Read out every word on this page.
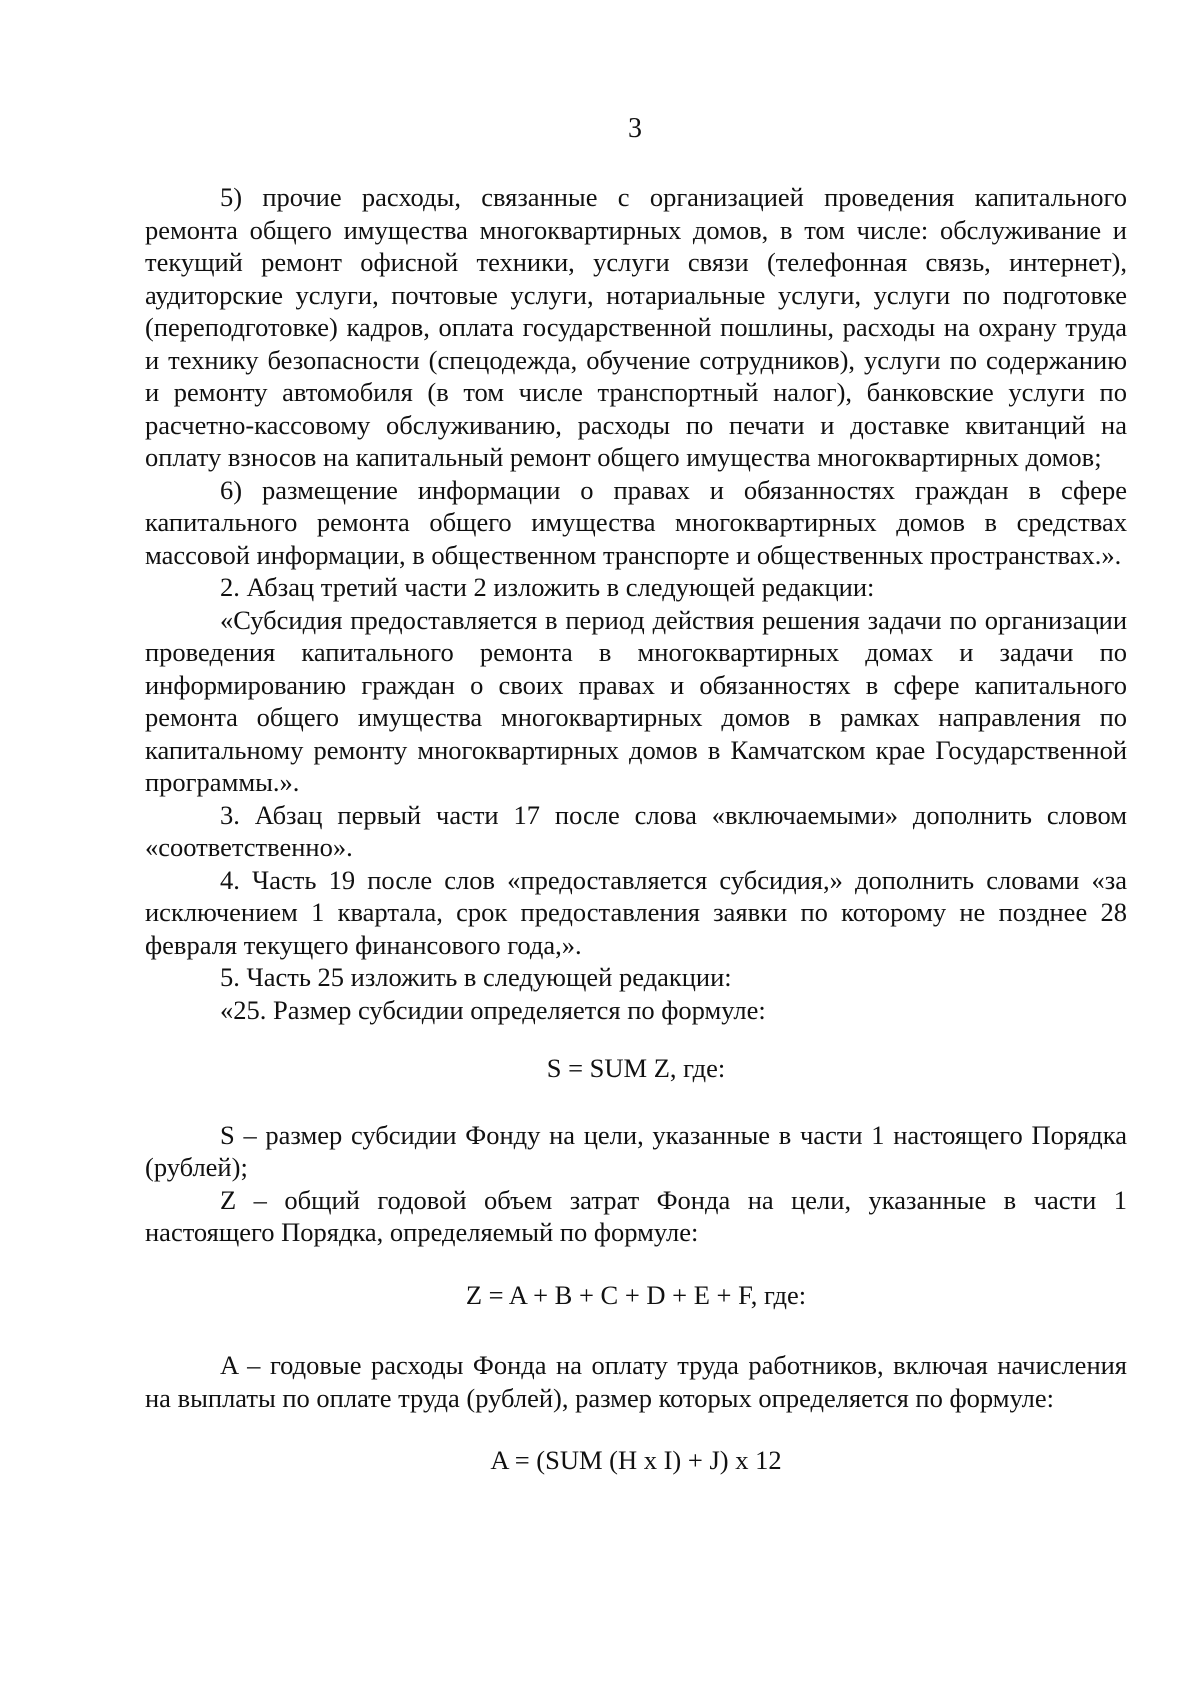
3

5) прочие расходы, связанные с организацией проведения капитального ремонта общего имущества многоквартирных домов, в том числе: обслуживание и текущий ремонт офисной техники, услуги связи (телефонная связь, интернет), аудиторские услуги, почтовые услуги, нотариальные услуги, услуги по подготовке (переподготовке) кадров, оплата государственной пошлины, расходы на охрану труда и технику безопасности (спецодежда, обучение сотрудников), услуги по содержанию и ремонту автомобиля (в том числе транспортный налог), банковские услуги по расчетно-кассовому обслуживанию, расходы по печати и доставке квитанций на оплату взносов на капитальный ремонт общего имущества многоквартирных домов;

6) размещение информации о правах и обязанностях граждан в сфере капитального ремонта общего имущества многоквартирных домов в средствах массовой информации, в общественном транспорте и общественных пространствах.».

2. Абзац третий части 2 изложить в следующей редакции:

«Субсидия предоставляется в период действия решения задачи по организации проведения капитального ремонта в многоквартирных домах и задачи по информированию граждан о своих правах и обязанностях в сфере капитального ремонта общего имущества многоквартирных домов в рамках направления по капитальному ремонту многоквартирных домов в Камчатском крае Государственной программы.».

3. Абзац первый части 17 после слова «включаемыми» дополнить словом «соответственно».

4. Часть 19 после слов «предоставляется субсидия,» дополнить словами «за исключением 1 квартала, срок предоставления заявки по которому не позднее 28 февраля текущего финансового года,».

5. Часть 25 изложить в следующей редакции:

«25. Размер субсидии определяется по формуле:

S = SUM Z, где:

S – размер субсидии Фонду на цели, указанные в части 1 настоящего Порядка (рублей);

Z – общий годовой объем затрат Фонда на цели, указанные в части 1 настоящего Порядка, определяемый по формуле:

Z = A + B + C + D + E + F, где:

A – годовые расходы Фонда на оплату труда работников, включая начисления на выплаты по оплате труда (рублей), размер которых определяется по формуле:

A = (SUM (H x I) + J) x 12
